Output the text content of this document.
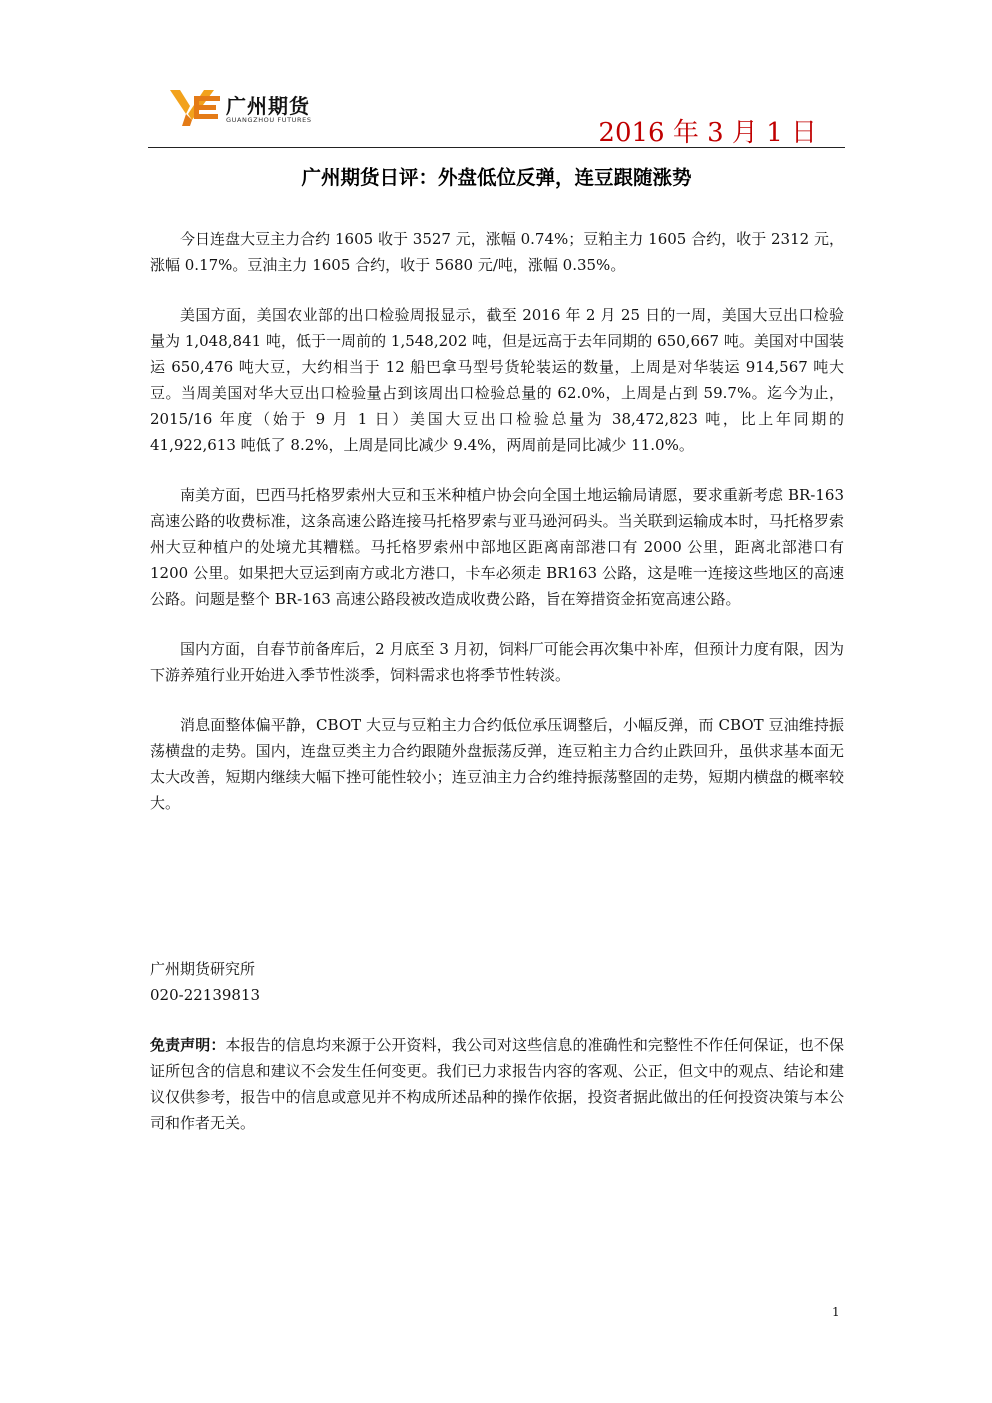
广州期货
GUANGZHOU FUTURES	2016 年 3 月 1 日
广州期货日评：外盘低位反弹，连豆跟随涨势

今日连盘大豆主力合约 1605 收于 3527 元，涨幅 0.74%；豆粕主力 1605 合约，收于 2312 元，涨幅 0.17%。豆油主力 1605 合约，收于 5680 元/吨，涨幅 0.35%。

美国方面，美国农业部的出口检验周报显示，截至 2016 年 2 月 25 日的一周，美国大豆出口检验量为 1,048,841 吨，低于一周前的 1,548,202 吨，但是远高于去年同期的 650,667 吨。美国对中国装运 650,476 吨大豆，大约相当于 12 船巴拿马型号货轮装运的数量，上周是对华装运 914,567 吨大豆。当周美国对华大豆出口检验量占到该周出口检验总量的 62.0%，上周是占到 59.7%。迄今为止，2015/16 年度（始于 9 月 1 日）美国大豆出口检验总量为 38,472,823 吨，比上年同期的 41,922,613 吨低了 8.2%，上周是同比减少 9.4%，两周前是同比减少 11.0%。

南美方面，巴西马托格罗索州大豆和玉米种植户协会向全国土地运输局请愿，要求重新考虑 BR-163 高速公路的收费标准，这条高速公路连接马托格罗索与亚马逊河码头。当关联到运输成本时，马托格罗索州大豆种植户的处境尤其糟糕。马托格罗索州中部地区距离南部港口有 2000 公里，距离北部港口有 1200 公里。如果把大豆运到南方或北方港口，卡车必须走 BR163 公路，这是唯一连接这些地区的高速公路。问题是整个 BR-163 高速公路段被改造成收费公路，旨在筹措资金拓宽高速公路。

国内方面，自春节前备库后，2 月底至 3 月初，饲料厂可能会再次集中补库，但预计力度有限，因为下游养殖行业开始进入季节性淡季，饲料需求也将季节性转淡。

消息面整体偏平静，CBOT 大豆与豆粕主力合约低位承压调整后，小幅反弹，而 CBOT 豆油维持振荡横盘的走势。国内，连盘豆类主力合约跟随外盘振荡反弹，连豆粕主力合约止跌回升，虽供求基本面无太大改善，短期内继续大幅下挫可能性较小；连豆油主力合约维持振荡整固的走势，短期内横盘的概率较大。

广州期货研究所
020-22139813
免责声明：本报告的信息均来源于公开资料，我公司对这些信息的准确性和完整性不作任何保证，也不保证所包含的信息和建议不会发生任何变更。我们已力求报告内容的客观、公正，但文中的观点、结论和建议仅供参考，报告中的信息或意见并不构成所述品种的操作依据，投资者据此做出的任何投资决策与本公司和作者无关。
1
